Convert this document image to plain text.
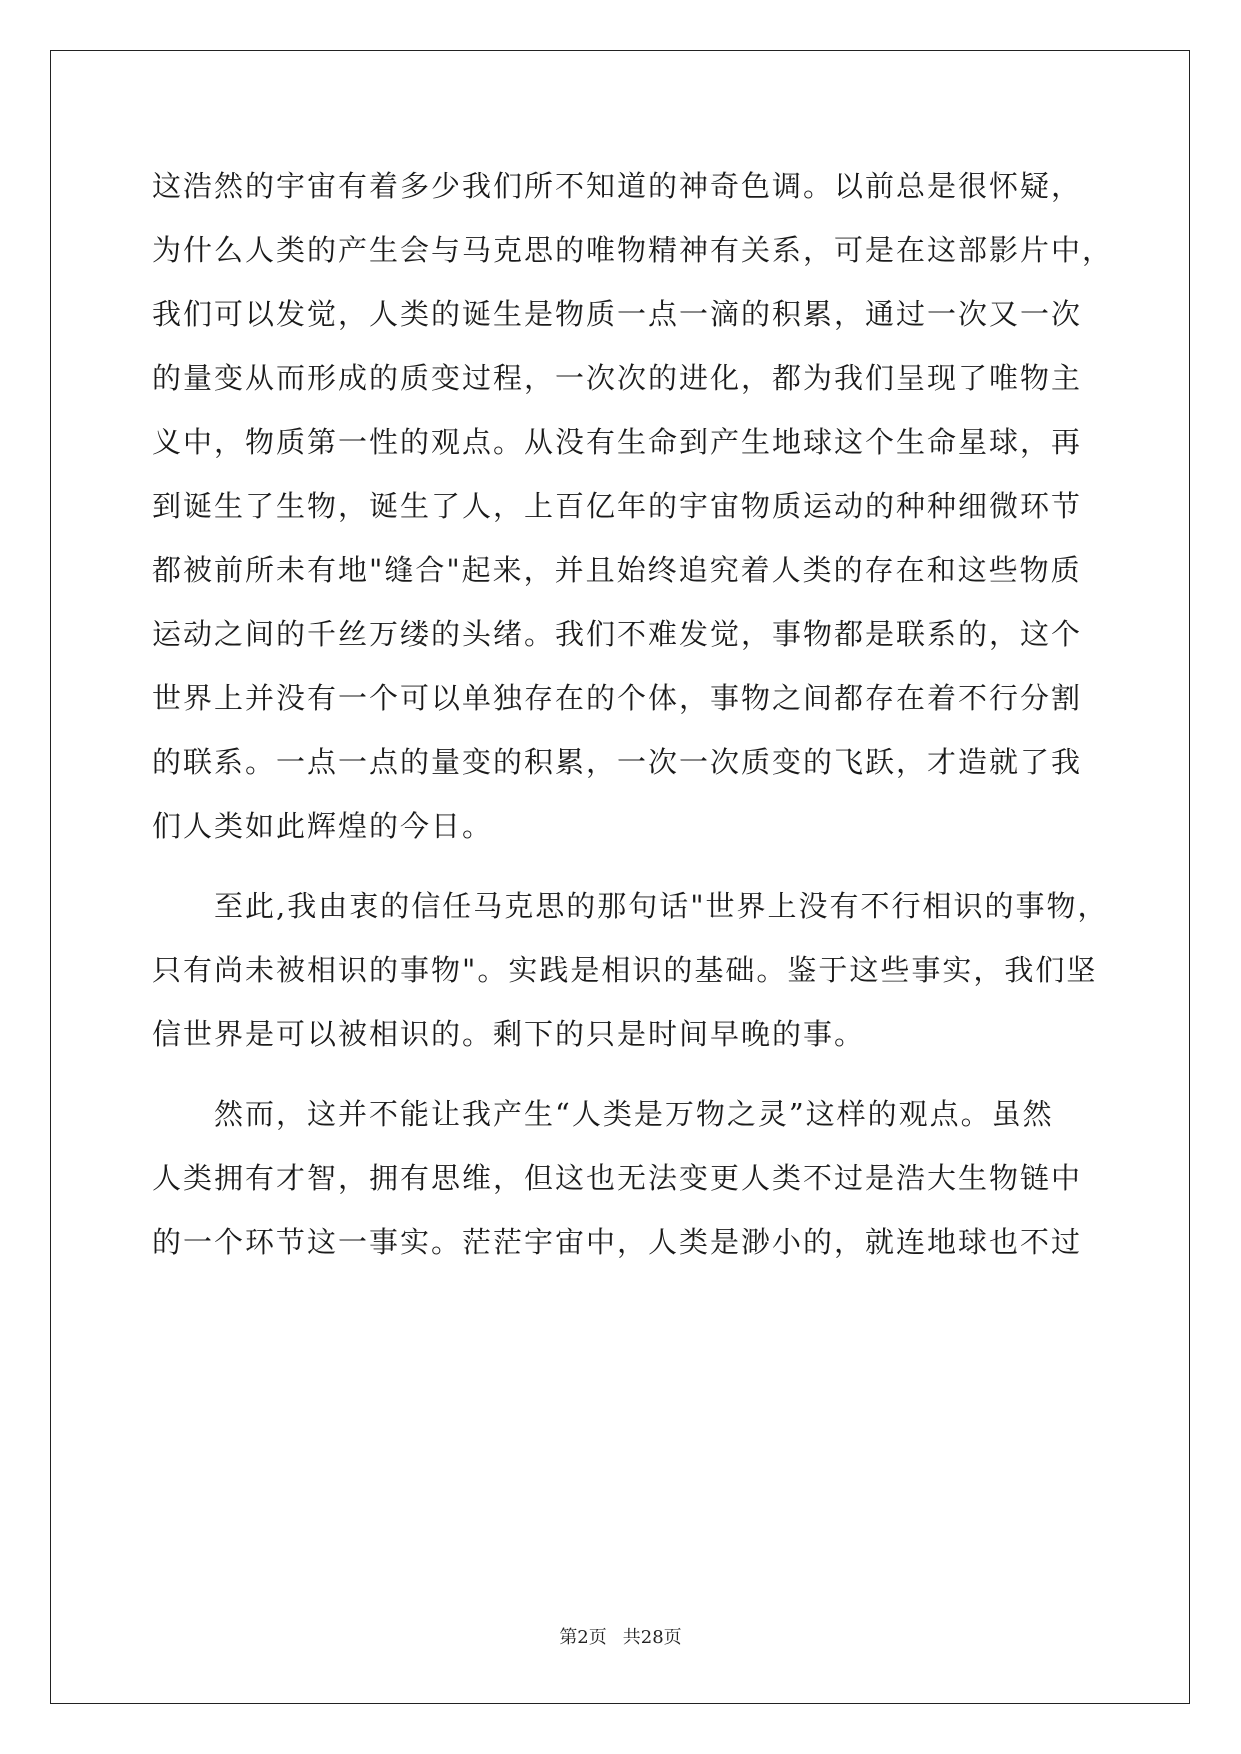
这浩然的宇宙有着多少我们所不知道的神奇色调。以前总是很怀疑，
为什么人类的产生会与马克思的唯物精神有关系，可是在这部影片中，
我们可以发觉，人类的诞生是物质一点一滴的积累，通过一次又一次
的量变从而形成的质变过程，一次次的进化，都为我们呈现了唯物主
义中，物质第一性的观点。从没有生命到产生地球这个生命星球，再
到诞生了生物，诞生了人，上百亿年的宇宙物质运动的种种细微环节
都被前所未有地"缝合"起来，并且始终追究着人类的存在和这些物质
运动之间的千丝万缕的头绪。我们不难发觉，事物都是联系的，这个
世界上并没有一个可以单独存在的个体，事物之间都存在着不行分割
的联系。一点一点的量变的积累，一次一次质变的飞跃，才造就了我
们人类如此辉煌的今日。
至此,我由衷的信任马克思的那句话"世界上没有不行相识的事物，
只有尚未被相识的事物"。实践是相识的基础。鉴于这些事实，我们坚
信世界是可以被相识的。剩下的只是时间早晚的事。
然而，这并不能让我产生“人类是万物之灵”这样的观点。虽然
人类拥有才智，拥有思维，但这也无法变更人类不过是浩大生物链中
的一个环节这一事实。茫茫宇宙中，人类是渺小的，就连地球也不过
第2页 共28页
